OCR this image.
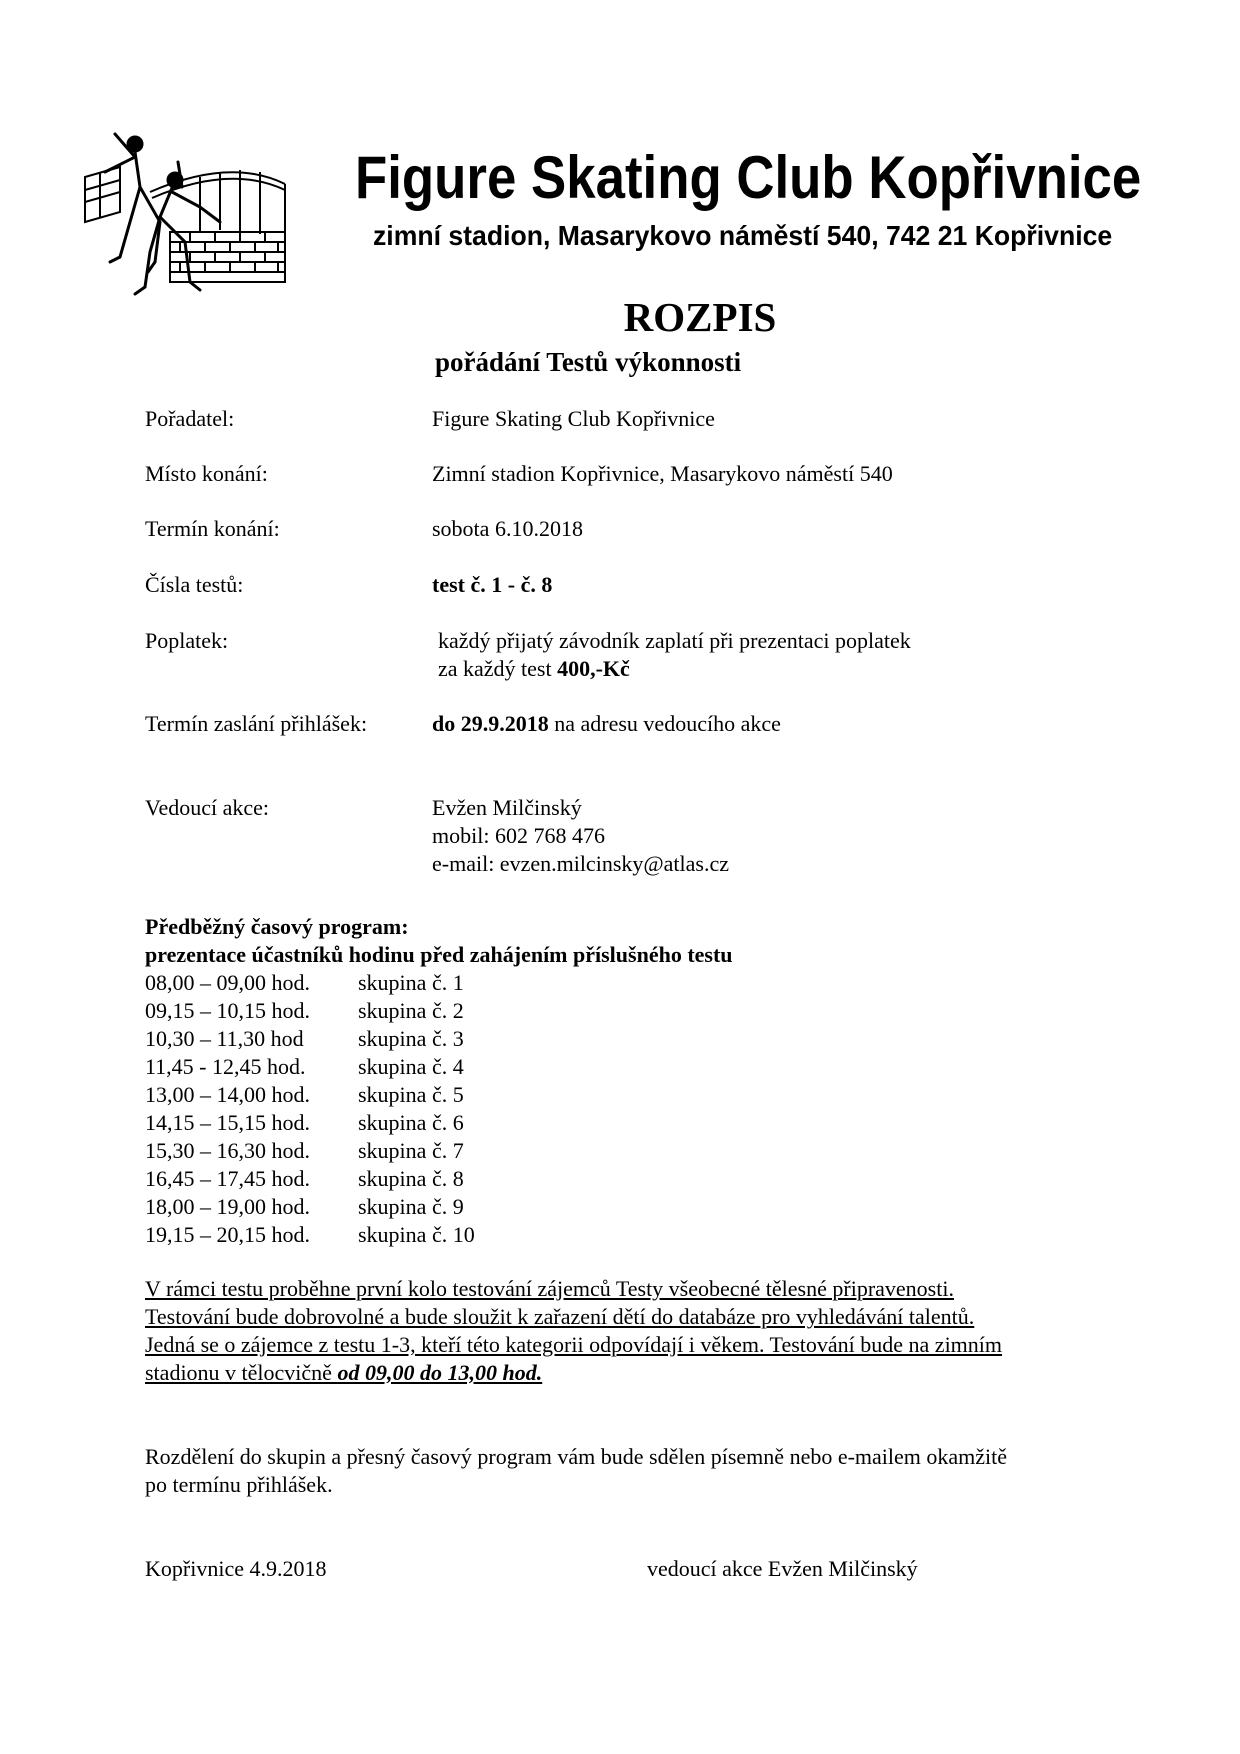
Figure Skating Club Kopřivnice
zimní stadion, Masarykovo náměstí 540, 742 21 Kopřivnice
ROZPIS
pořádání Testů výkonnosti
Pořadatel:	Figure Skating Club Kopřivnice
Místo konání:	Zimní stadion Kopřivnice, Masarykovo náměstí 540
Termín konání:	sobota 6.10.2018
Čísla testů:	test č. 1 - č. 8
Poplatek:	každý přijatý závodník zaplatí při prezentaci poplatek
za každý test 400,-Kč
Termín zaslání přihlášek:	do 29.9.2018 na adresu vedoucího akce
Vedoucí akce:	Evžen Milčinský
mobil: 602 768 476
e-mail: evzen.milcinsky@atlas.cz
Předběžný časový program:
prezentace účastníků hodinu před zahájením příslušného testu
08,00 – 09,00 hod. skupina č. 1
09,15 – 10,15 hod. skupina č. 2
10,30 – 11,30 hod skupina č. 3
11,45 - 12,45 hod. skupina č. 4
13,00 – 14,00 hod. skupina č. 5
14,15 – 15,15 hod. skupina č. 6
15,30 – 16,30 hod. skupina č. 7
16,45 – 17,45 hod. skupina č. 8
18,00 – 19,00 hod. skupina č. 9
19,15 – 20,15 hod. skupina č. 10
V rámci testu proběhne první kolo testování zájemců Testy všeobecné tělesné připravenosti.
Testování bude dobrovolné a bude sloužit k zařazení dětí do databáze pro vyhledávání talentů.
Jedná se o zájemce z testu 1-3, kteří této kategorii odpovídají i věkem. Testování bude na zimním
stadionu v tělocvičně od 09,00 do 13,00 hod.
Rozdělení do skupin a přesný časový program vám bude sdělen písemně nebo e-mailem okamžitě
po termínu přihlášek.
Kopřivnice 4.9.2018	vedoucí akce Evžen Milčinský
